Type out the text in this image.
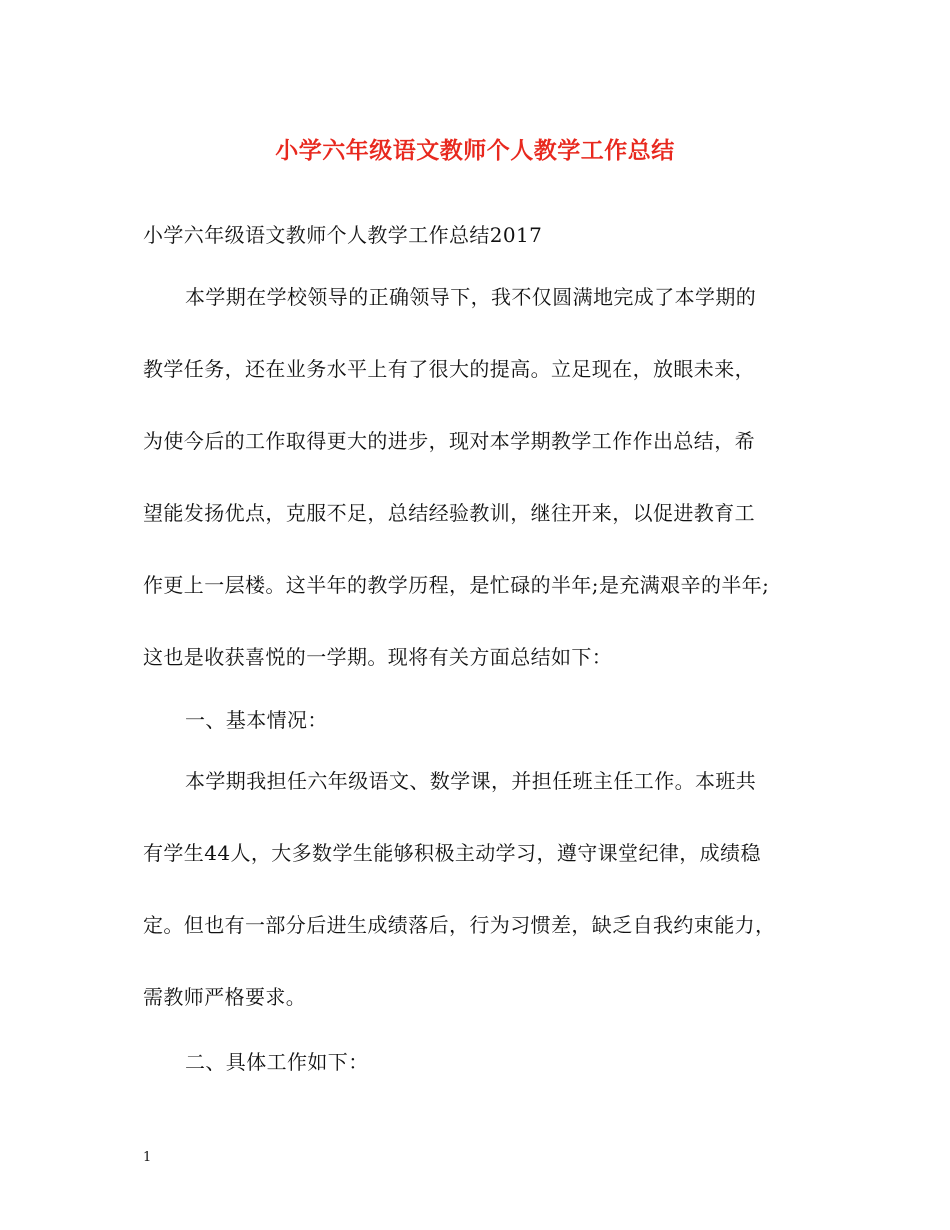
小学六年级语文教师个人教学工作总结
小学六年级语文教师个人教学工作总结2017
本学期在学校领导的正确领导下，我不仅圆满地完成了本学期的
教学任务，还在业务水平上有了很大的提高。立足现在，放眼未来，
为使今后的工作取得更大的进步，现对本学期教学工作作出总结，希
望能发扬优点，克服不足，总结经验教训，继往开来，以促进教育工
作更上一层楼。这半年的教学历程，是忙碌的半年;是充满艰辛的半年;
这也是收获喜悦的一学期。现将有关方面总结如下：
一、基本情况：
本学期我担任六年级语文、数学课，并担任班主任工作。本班共
有学生44人，大多数学生能够积极主动学习，遵守课堂纪律，成绩稳
定。但也有一部分后进生成绩落后，行为习惯差，缺乏自我约束能力，
需教师严格要求。
二、具体工作如下：
1
